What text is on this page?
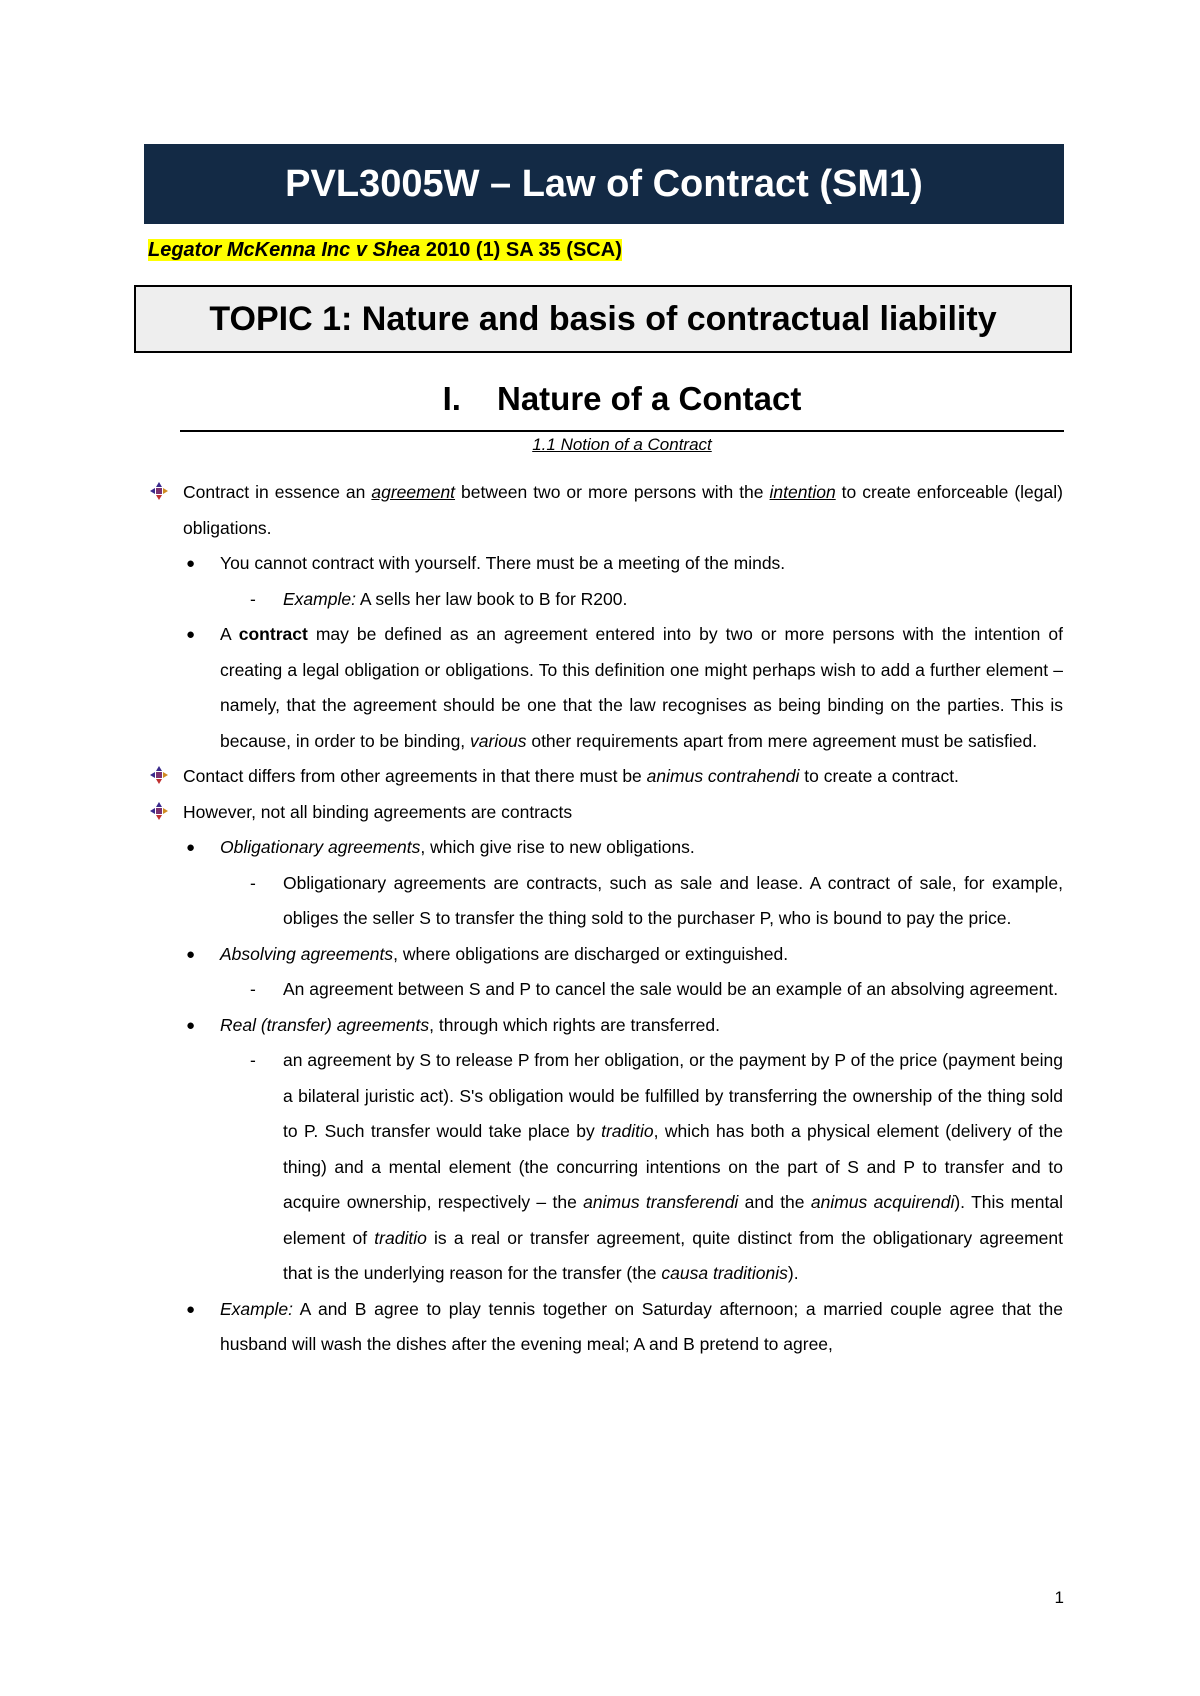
PVL3005W – Law of Contract (SM1)
Legator McKenna Inc v Shea 2010 (1) SA 35 (SCA)
TOPIC 1: Nature and basis of contractual liability
I. Nature of a Contact
1.1 Notion of a Contract
Contract in essence an agreement between two or more persons with the intention to create enforceable (legal) obligations.
● You cannot contract with yourself. There must be a meeting of the minds.
- Example: A sells her law book to B for R200.
● A contract may be defined as an agreement entered into by two or more persons with the intention of creating a legal obligation or obligations. To this definition one might perhaps wish to add a further element – namely, that the agreement should be one that the law recognises as being binding on the parties. This is because, in order to be binding, various other requirements apart from mere agreement must be satisfied.
Contact differs from other agreements in that there must be animus contrahendi to create a contract.
However, not all binding agreements are contracts
● Obligationary agreements, which give rise to new obligations.
- Obligationary agreements are contracts, such as sale and lease. A contract of sale, for example, obliges the seller S to transfer the thing sold to the purchaser P, who is bound to pay the price.
● Absolving agreements, where obligations are discharged or extinguished.
- An agreement between S and P to cancel the sale would be an example of an absolving agreement.
● Real (transfer) agreements, through which rights are transferred.
- an agreement by S to release P from her obligation, or the payment by P of the price (payment being a bilateral juristic act). S's obligation would be fulfilled by transferring the ownership of the thing sold to P. Such transfer would take place by traditio, which has both a physical element (delivery of the thing) and a mental element (the concurring intentions on the part of S and P to transfer and to acquire ownership, respectively – the animus transferendi and the animus acquirendi). This mental element of traditio is a real or transfer agreement, quite distinct from the obligationary agreement that is the underlying reason for the transfer (the causa traditionis).
● Example: A and B agree to play tennis together on Saturday afternoon; a married couple agree that the husband will wash the dishes after the evening meal; A and B pretend to agree,
1
